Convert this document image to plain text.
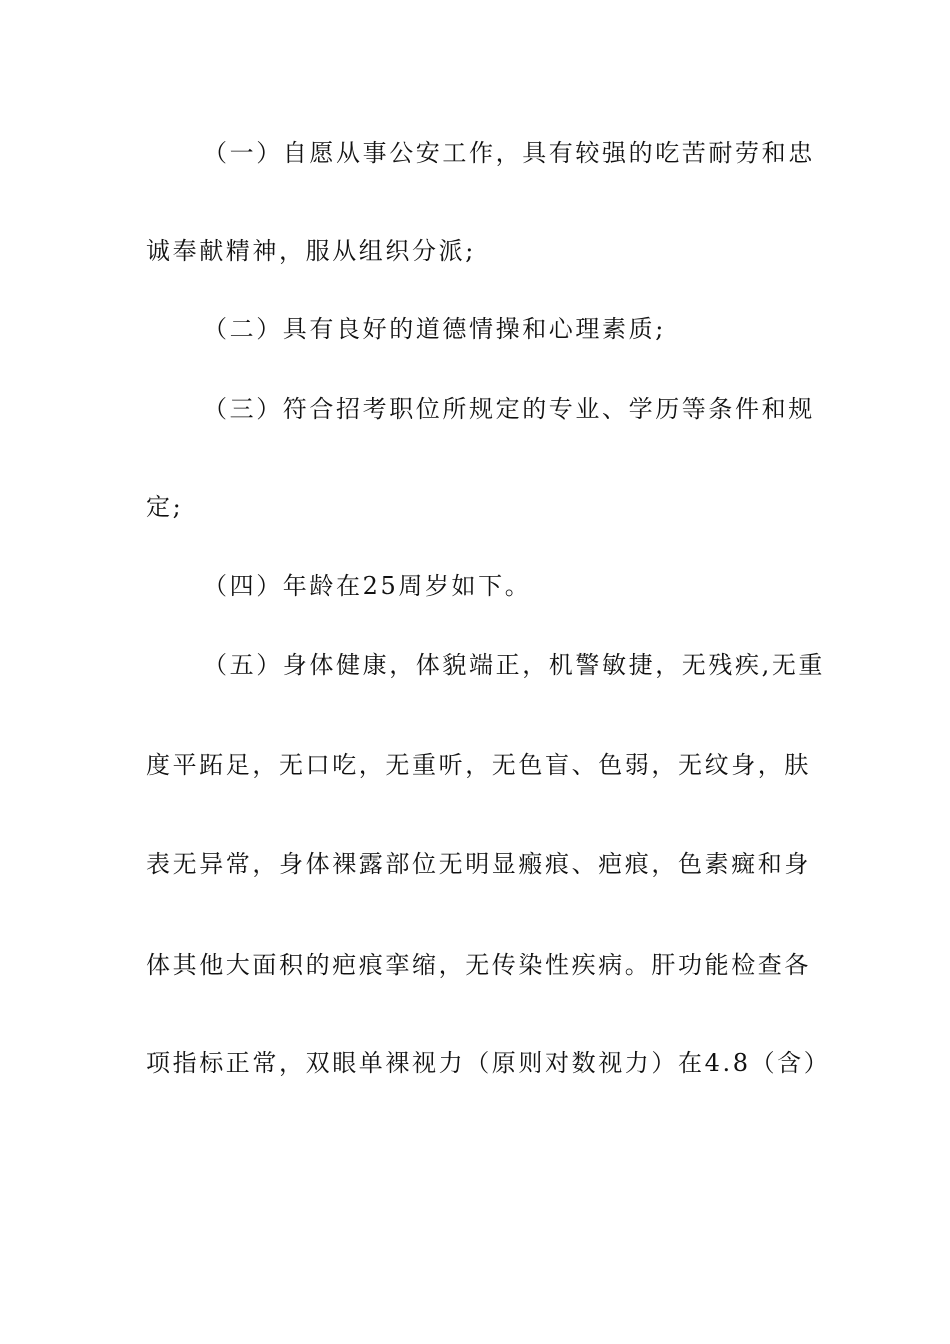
（一）自愿从事公安工作，具有较强的吃苦耐劳和忠
诚奉献精神，服从组织分派;
（二）具有良好的道德情操和心理素质;
（三）符合招考职位所规定的专业、学历等条件和规
定;
（四）年龄在25周岁如下。
（五）身体健康，体貌端正，机警敏捷，无残疾,无重
度平跖足，无口吃，无重听，无色盲、色弱，无纹身，肤
表无异常，身体裸露部位无明显瘢痕、疤痕，色素癍和身
体其他大面积的疤痕挛缩，无传染性疾病。肝功能检查各
项指标正常，双眼单裸视力（原则对数视力）在4.8（含）
